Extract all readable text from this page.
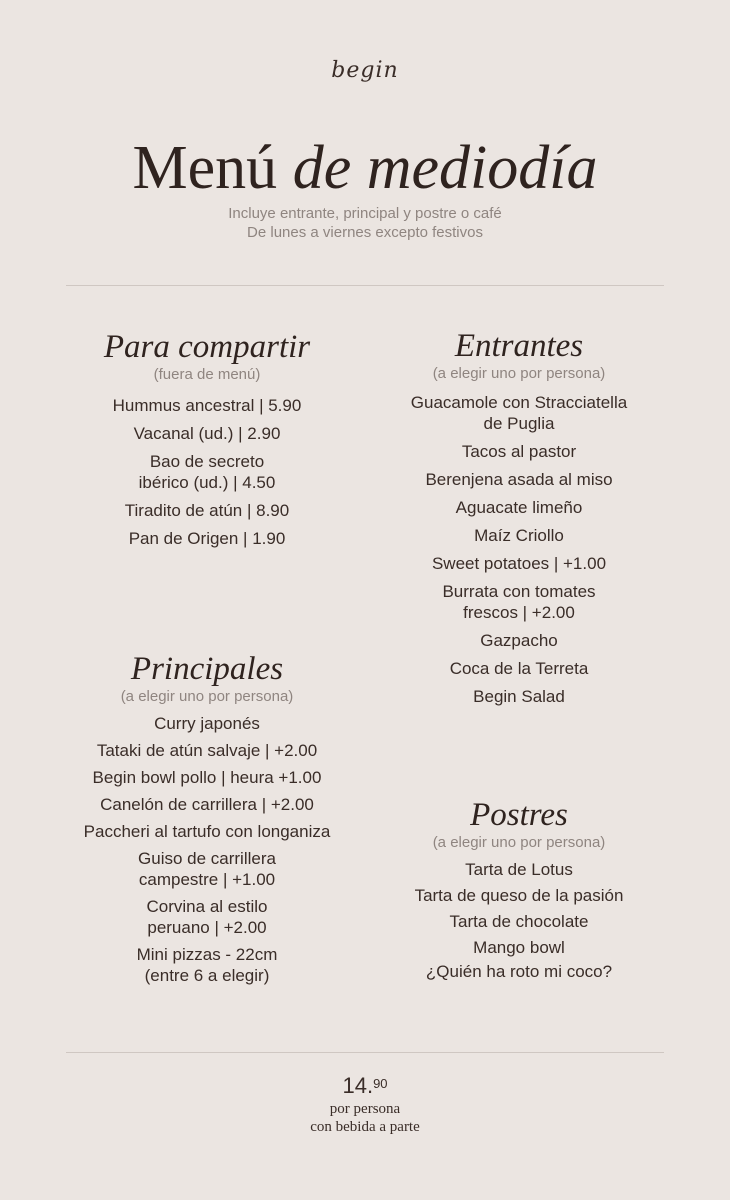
begin
Menú de mediodía
Incluye entrante, principal y postre o café
De lunes a viernes excepto festivos
Para compartir
(fuera de menú)
Hummus ancestral | 5.90
Vacanal (ud.) | 2.90
Bao de secreto
ibérico (ud.) | 4.50
Tiradito de atún | 8.90
Pan de Origen | 1.90
Principales
(a elegir uno por persona)
Curry japonés
Tataki de atún salvaje | +2.00
Begin bowl pollo | heura +1.00
Canelón de carrillera | +2.00
Paccheri al tartufo con longaniza
Guiso de carrillera
campestre | +1.00
Corvina al estilo
peruano | +2.00
Mini pizzas - 22cm
(entre 6 a elegir)
Entrantes
(a elegir uno por persona)
Guacamole con Stracciatella
de Puglia
Tacos al pastor
Berenjena asada al miso
Aguacate limeño
Maíz Criollo
Sweet potatoes | +1.00
Burrata con tomates
frescos | +2.00
Gazpacho
Coca de la Terreta
Begin Salad
Postres
(a elegir uno por persona)
Tarta de Lotus
Tarta de queso de la pasión
Tarta de chocolate
Mango bowl
¿Quién ha roto mi coco?
14.90
por persona
con bebida a parte
